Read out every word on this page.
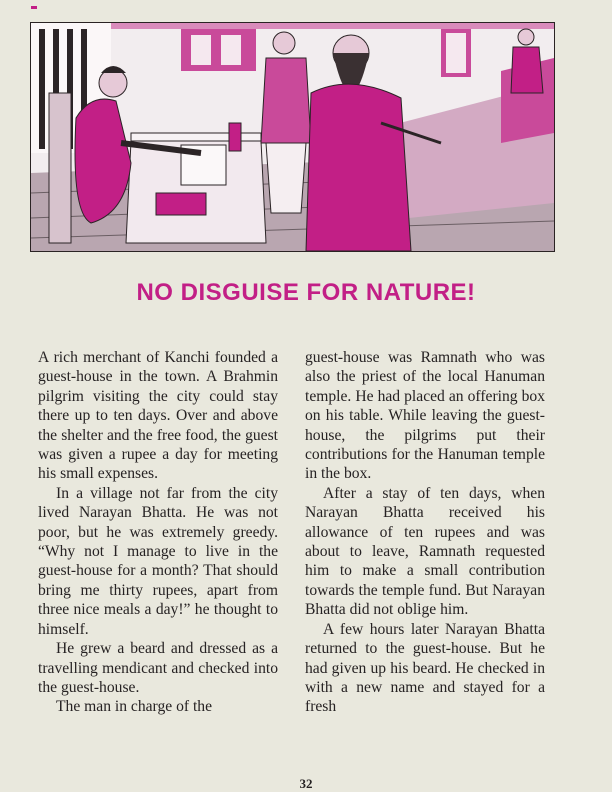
NO DISGUISE FOR NATURE!

A rich merchant of Kanchi founded a guest-house in the town. A Brahmin pilgrim visiting the city could stay there up to ten days. Over and above the shelter and the free food, the guest was given a rupee a day for meeting his small expenses.

In a village not far from the city lived Narayan Bhatta. He was not poor, but he was extremely greedy. “Why not I manage to live in the guest-house for a month? That should bring me thirty rupees, apart from three nice meals a day!” he thought to himself.

He grew a beard and dressed as a travelling mendicant and checked into the guest-house.

The man in charge of the

guest-house was Ramnath who was also the priest of the local Hanuman temple. He had placed an offering box on his table. While leaving the guest-house, the pilgrims put their contributions for the Hanuman temple in the box.

After a stay of ten days, when Narayan Bhatta received his allowance of ten rupees and was about to leave, Ramnath requested him to make a small contribution towards the temple fund. But Narayan Bhatta did not oblige him.

A few hours later Narayan Bhatta returned to the guest-house. But he had given up his beard. He checked in with a new name and stayed for a fresh

32
